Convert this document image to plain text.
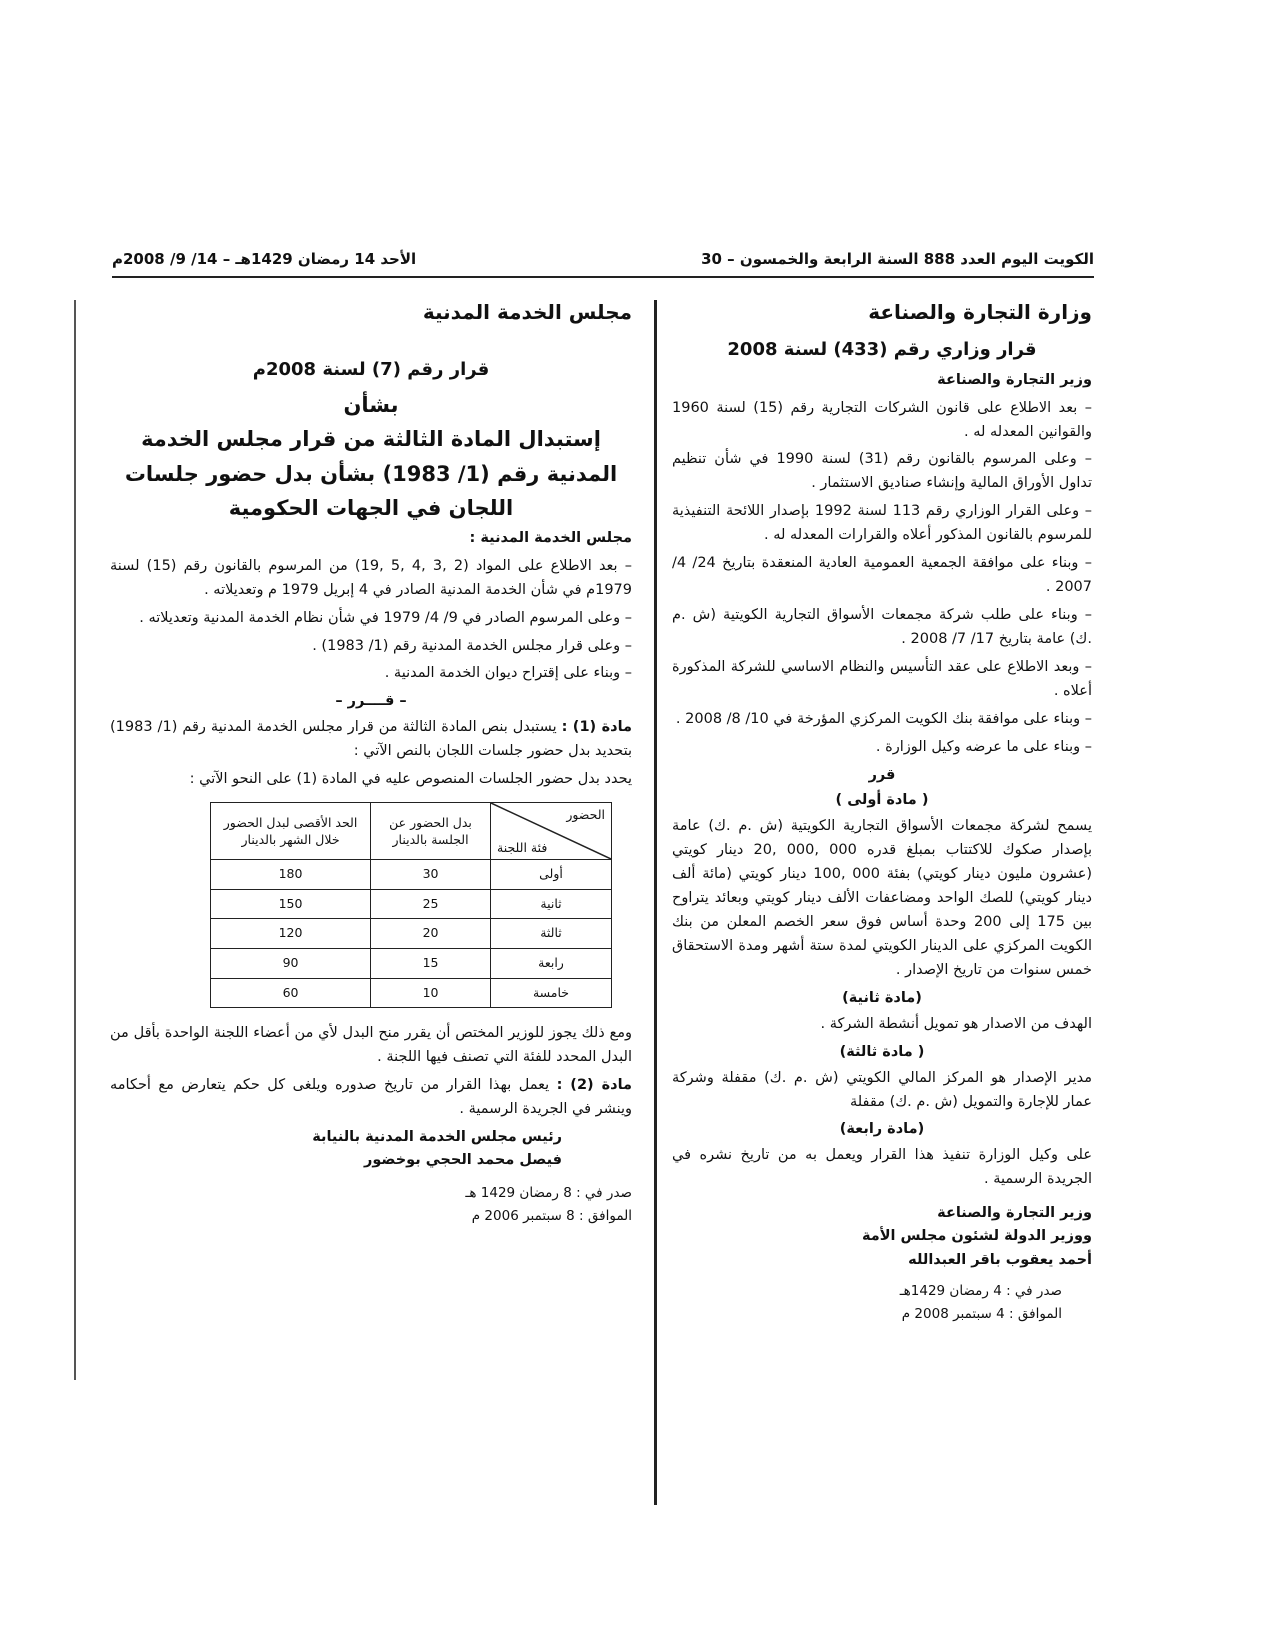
الكويت اليوم العدد 888 السنة الرابعة والخمسون – 30
الأحد 14 رمضان 1429هـ – 14/ 9/ 2008م
وزارة التجارة والصناعة
قرار وزاري رقم (433) لسنة 2008
وزير التجارة والصناعة

– بعد الاطلاع على قانون الشركات التجارية رقم (15) لسنة 1960 والقوانين المعدله له .

– وعلى المرسوم بالقانون رقم (31) لسنة 1990 في شأن تنظيم تداول الأوراق المالية وإنشاء صناديق الاستثمار .

– وعلى القرار الوزاري رقم 113 لسنة 1992 بإصدار اللائحة التنفيذية للمرسوم بالقانون المذكور أعلاه والقرارات المعدله له .

– وبناء على موافقة الجمعية العمومية العادية المنعقدة بتاريخ 24/ 4/ 2007 .

– وبناء على طلب شركة مجمعات الأسواق التجارية الكويتية (ش .م .ك) عامة بتاريخ 17/ 7/ 2008 .

– وبعد الاطلاع على عقد التأسيس والنظام الاساسي للشركة المذكورة أعلاه .

– وبناء على موافقة بنك الكويت المركزي المؤرخة في 10/ 8/ 2008 .

– وبناء على ما عرضه وكيل الوزارة .

قرر
( مادة أولى )

يسمح لشركة مجمعات الأسواق التجارية الكويتية (ش .م .ك) عامة بإصدار صكوك للاكتتاب بمبلغ قدره 000 ,000 ,20 دينار كويتي (عشرون مليون دينار كويتي) بفئة 000 ,100 دينار كويتي (مائة ألف دينار كويتي) للصك الواحد ومضاعفات الألف دينار كويتي وبعائد يتراوح بين 175 إلى 200 وحدة أساس فوق سعر الخصم المعلن من بنك الكويت المركزي على الدينار الكويتي لمدة ستة أشهر ومدة الاستحقاق خمس سنوات من تاريخ الإصدار .

(مادة ثانية)

الهدف من الاصدار هو تمويل أنشطة الشركة .

( مادة ثالثة)

مدير الإصدار هو المركز المالي الكويتي (ش .م .ك) مقفلة وشركة عمار للإجارة والتمويل (ش .م .ك) مقفلة

(مادة رابعة)

على وكيل الوزارة تنفيذ هذا القرار ويعمل به من تاريخ نشره في الجريدة الرسمية .

وزير التجارة والصناعة
ووزير الدولة لشئون مجلس الأمة
أحمد يعقوب باقر العبدالله
صدر في : 4 رمضان 1429هـ
الموافق : 4 سبتمبر 2008 م
مجلس الخدمة المدنية
قرار رقم (7) لسنة 2008م
بشأن
إستبدال المادة الثالثة من قرار مجلس الخدمة
المدنية رقم (1/ 1983) بشأن بدل حضور جلسات
اللجان في الجهات الحكومية
مجلس الخدمة المدنية :

– بعد الاطلاع على المواد (2 ,3 ,4 ,5 ,19) من المرسوم بالقانون رقم (15) لسنة 1979م في شأن الخدمة المدنية الصادر في 4 إبريل 1979 م وتعديلاته .

– وعلى المرسوم الصادر في 9/ 4/ 1979 في شأن نظام الخدمة المدنية وتعديلاته .

– وعلى قرار مجلس الخدمة المدنية رقم (1/ 1983) .

– وبناء على إقتراح ديوان الخدمة المدنية .

– قــــرر –

مادة (1) : يستبدل بنص المادة الثالثة من قرار مجلس الخدمة المدنية رقم (1/ 1983) بتحديد بدل حضور جلسات اللجان بالنص الآتي :

يحدد بدل حضور الجلسات المنصوص عليه في المادة (1) على النحو الآتي :

الحضور
فئة اللجنة	بدل الحضور عن الجلسة بالدينار	الحد الأقصى لبدل الحضور خلال الشهر بالدينار
أولى	30	180
ثانية	25	150
ثالثة	20	120
رابعة	15	90
خامسة	10	60

ومع ذلك يجوز للوزير المختص أن يقرر منح البدل لأي من أعضاء اللجنة الواحدة بأقل من البدل المحدد للفئة التي تصنف فيها اللجنة .

مادة (2) : يعمل بهذا القرار من تاريخ صدوره ويلغى كل حكم يتعارض مع أحكامه وينشر في الجريدة الرسمية .

رئيس مجلس الخدمة المدنية بالنيابة
فيصل محمد الحجي بوخضور
صدر في : 8 رمضان 1429 هـ
الموافق : 8 سبتمبر 2006 م
